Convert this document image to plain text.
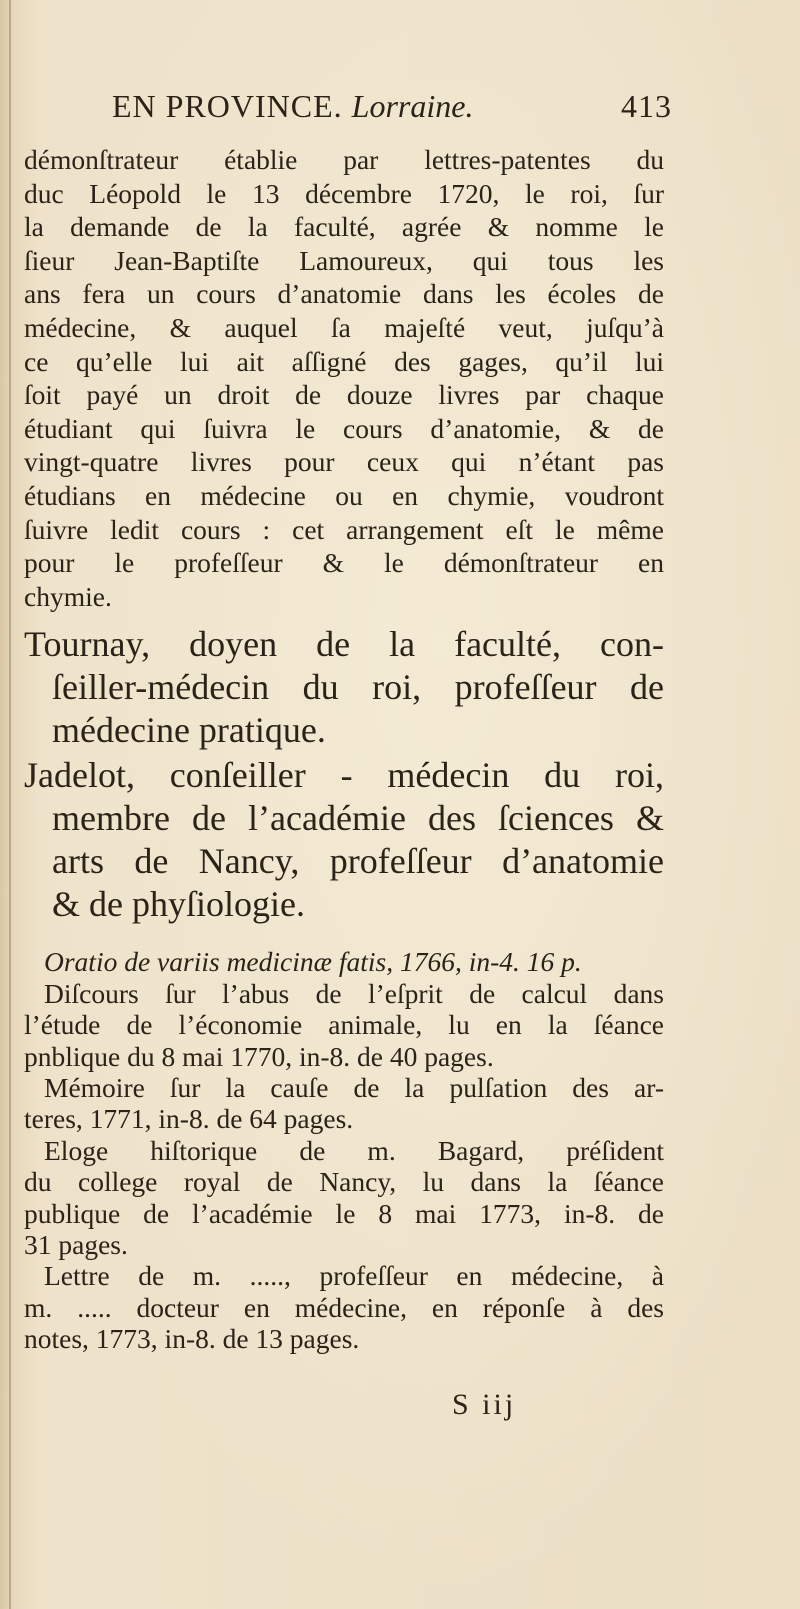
EN PROVINCE. Lorraine.	413

démonſtrateur établie par lettres-patentes du

duc Léopold le 13 décembre 1720, le roi, ſur

la demande de la faculté, agrée & nomme le

ſieur Jean-Baptiſte Lamoureux, qui tous les

ans fera un cours d’anatomie dans les écoles de

médecine, & auquel ſa majeſté veut, juſqu’à

ce qu’elle lui ait aſſigné des gages, qu’il lui

ſoit payé un droit de douze livres par chaque

étudiant qui ſuivra le cours d’anatomie, & de

vingt-quatre livres pour ceux qui n’étant pas

étudians en médecine ou en chymie, voudront

ſuivre ledit cours : cet arrangement eſt le même

pour le profeſſeur & le démonſtrateur en

chymie.

Tournay, doyen de la faculté, con-
ſeiller-médecin du roi, profeſſeur de
médecine pratique.
Jadelot, conſeiller - médecin du roi,
membre de l’académie des ſciences &
arts de Nancy, profeſſeur d’anatomie
& de phyſiologie.

Oratio de variis medicinæ fatis, 1766, in-4. 16 p.

Diſcours ſur l’abus de l’eſprit de calcul dans

l’étude de l’économie animale, lu en la ſéance

pnblique du 8 mai 1770, in-8. de 40 pages.

Mémoire ſur la cauſe de la pulſation des ar-

teres, 1771, in-8. de 64 pages.

Eloge hiſtorique de m. Bagard, préſident

du college royal de Nancy, lu dans la ſéance

publique de l’académie le 8 mai 1773, in-8. de

31 pages.

Lettre de m. ....., profeſſeur en médecine, à

m. ..... docteur en médecine, en réponſe à des

notes, 1773, in-8. de 13 pages.

S iij
